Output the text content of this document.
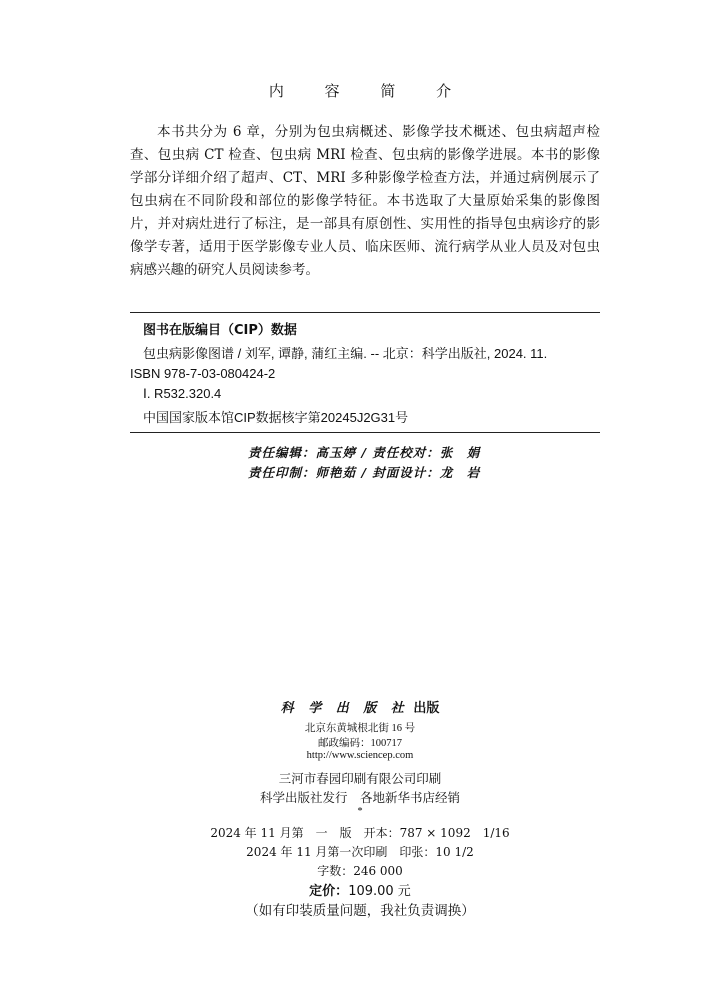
内 容 简 介

本书共分为 6 章，分别为包虫病概述、影像学技术概述、包虫病超声检查、包虫病 CT 检查、包虫病 MRI 检查、包虫病的影像学进展。本书的影像学部分详细介绍了超声、CT、MRI 多种影像学检查方法，并通过病例展示了包虫病在不同阶段和部位的影像学特征。本书选取了大量原始采集的影像图片，并对病灶进行了标注，是一部具有原创性、实用性的指导包虫病诊疗的影像学专著，适用于医学影像专业人员、临床医师、流行病学从业人员及对包虫病感兴趣的研究人员阅读参考。

图书在版编目（CIP）数据
包虫病影像图谱 / 刘军, 谭静, 蒲红主编. -- 北京：科学出版社, 2024. 11.
ISBN 978-7-03-080424-2
Ⅰ. R532.320.4
中国国家版本馆CIP数据核字第20245J2G31号
责任编辑：高玉婷 / 责任校对：张　娟
责任印制：师艳茹 / 封面设计：龙　岩
科 学 出 版 社 出版
北京东黄城根北街 16 号
邮政编码：100717
http://www.sciencep.com
三河市春园印刷有限公司印刷
科学出版社发行　各地新华书店经销
*
2024 年 11 月第　一　版　开本：787 × 1092　1/16
2024 年 11 月第一次印刷　印张：10 1/2
字数：246 000
定价：109.00 元
（如有印装质量问题，我社负责调换）
